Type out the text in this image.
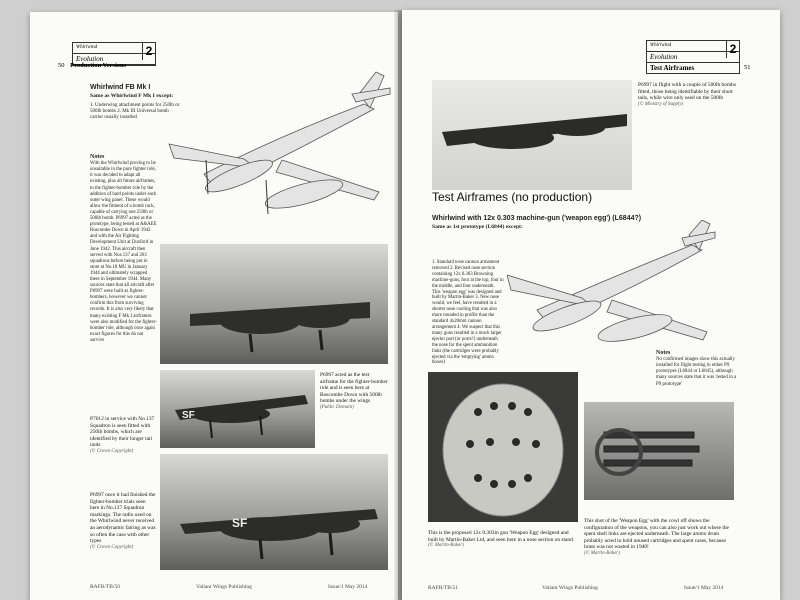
Whirlwind
Evolution
2
50 Production Versions
Whirlwind FB Mk I
Same as Whirlwind F Mk I except:
1. Underwing attachment points for 250lb or 500lb bombs 2. Mk III Universal bomb carrier usually installed
Notes
With the Whirlwind proving to be unsuitable in the pure fighter role, it was decided to adapt all existing, plus all future airframes, to the fighter-bomber role by the addition of hard points under each outer wing panel. These would allow the fitment of a bomb rack, capable of carrying one 250lb or 500lb bomb. P6997 acted as the prototype, being tested at A&AEE Boscombe Down in April 1942 and with the Air Fighting Development Unit at Duxford in June 1942. This aircraft then served with Nos.137 and 263 squadrons before being put in store at No.18 MU in January 1944 and ultimately scrapped there in September 1944. Many sources state that all aircraft after P6997 were built as fighter-bombers, however we cannot confirm this from surviving records. It is also very likely that many existing F Mk I airframes were also modified for the fighter-bomber role, although once again exact figures for this do not survive
SF
P6997 acted as the test airframe for the fighter-bomber role and is seen here at Boscombe Down with 500lb bombs under the wings
(Public Domain)
P7012 in service with No.137 Squadron is seen fitted with 250lb bombs, which are identified by their longer tail units
(© Crown Copyright)
SF
P6997 once it had finished the fighter-bomber trials seen here in No.137 Squadron markings. The radio used on the Whirlwind never received an aerodynamic fairing as was so often the case with other types
(© Crown Copyright)
RAFB/TB/50	Valiant Wings Publishing	Issue/1 May 2014
Whirlwind
Evolution
Test Airframes
2
51
P6997 in flight with a couple of 500lb bombs fitted, those being identifiable by their short tails, while wire only used on the 500lb
(© Ministry of Supply)
Test Airframes (no production)
Whirlwind with 12x 0.303 machine-gun ('weapon egg') (L6844?)
Same as 1st prototype (L6844) except:
1. Standard nose cannon armament removed 2. Revised nose section containing 12x 0.303 Browning machine-guns, four at the top, four in the middle, and four underneath. This 'weapon egg' was designed and built by Martin-Baker 3. New nose would, we feel, have resulted in a shorter nose cooling that was also more rounded in profile than the standard 4x20mm cannon arrangement 4. We suspect that this many guns resulted in a much larger ejector port (or ports?) underneath the nose for the spent ammunition links (the cartridges were probably ejected via the 'emptying' ammo boxes)
Notes
No confirmed images show this actually installed for flight testing in either P9 prototypes (L6844 or L6845), although many sources state that it was 'tested in a P9 prototype'
This is the proposed 12x 0.303in gun 'Weapon Egg' designed and built by Martin-Baker Ltd, and seen here in a nose section on stand
(© Martin-Baker)
This shot of the 'Weapon Egg' with the cowl off shows the configuration of the weapons, you can also just work out where the spent shell links are ejected underneath. The large ammo drum probably acted to hold unused cartridges and spent cases, because brass was not wasted in 1940!
(© Martin-Baker)
RAFB/TB/51	Valiant Wings Publishing	Issue/1 May 2014
